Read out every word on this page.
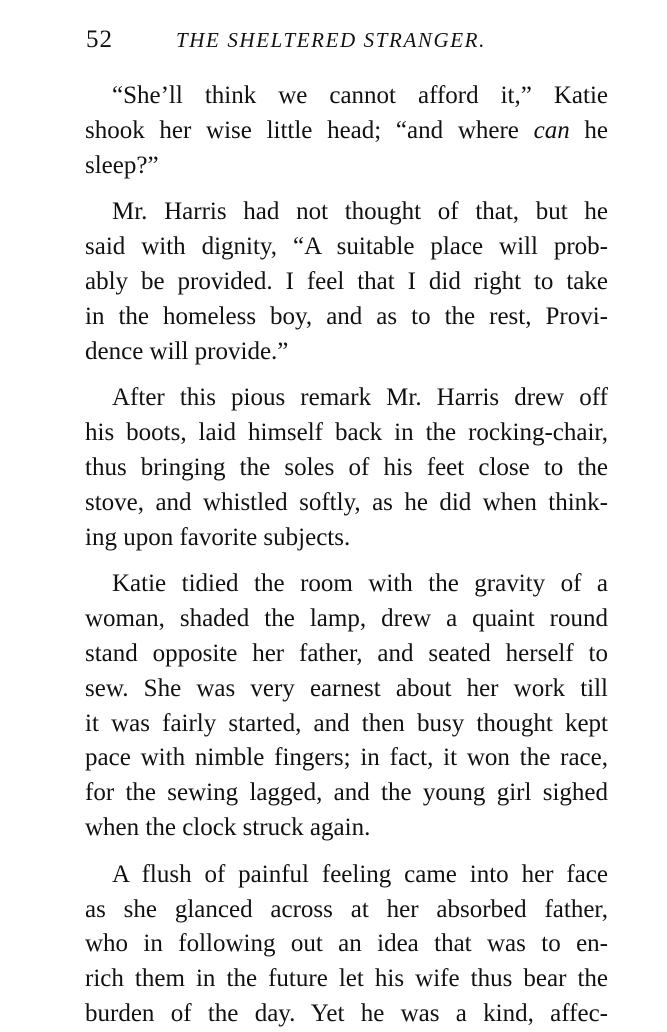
52	THE SHELTERED STRANGER.
“She’ll think we cannot afford it,” Katie
shook her wise little head; “and where can he
sleep?”
Mr. Harris had not thought of that, but he
said with dignity, “A suitable place will prob-
ably be provided. I feel that I did right to take
in the homeless boy, and as to the rest, Provi-
dence will provide.”
After this pious remark Mr. Harris drew off
his boots, laid himself back in the rocking-chair,
thus bringing the soles of his feet close to the
stove, and whistled softly, as he did when think-
ing upon favorite subjects.
Katie tidied the room with the gravity of a
woman, shaded the lamp, drew a quaint round
stand opposite her father, and seated herself to
sew. She was very earnest about her work till
it was fairly started, and then busy thought kept
pace with nimble fingers; in fact, it won the race,
for the sewing lagged, and the young girl sighed
when the clock struck again.
A flush of painful feeling came into her face
as she glanced across at her absorbed father,
who in following out an idea that was to en-
rich them in the future let his wife thus bear the
burden of the day. Yet he was a kind, affec-
